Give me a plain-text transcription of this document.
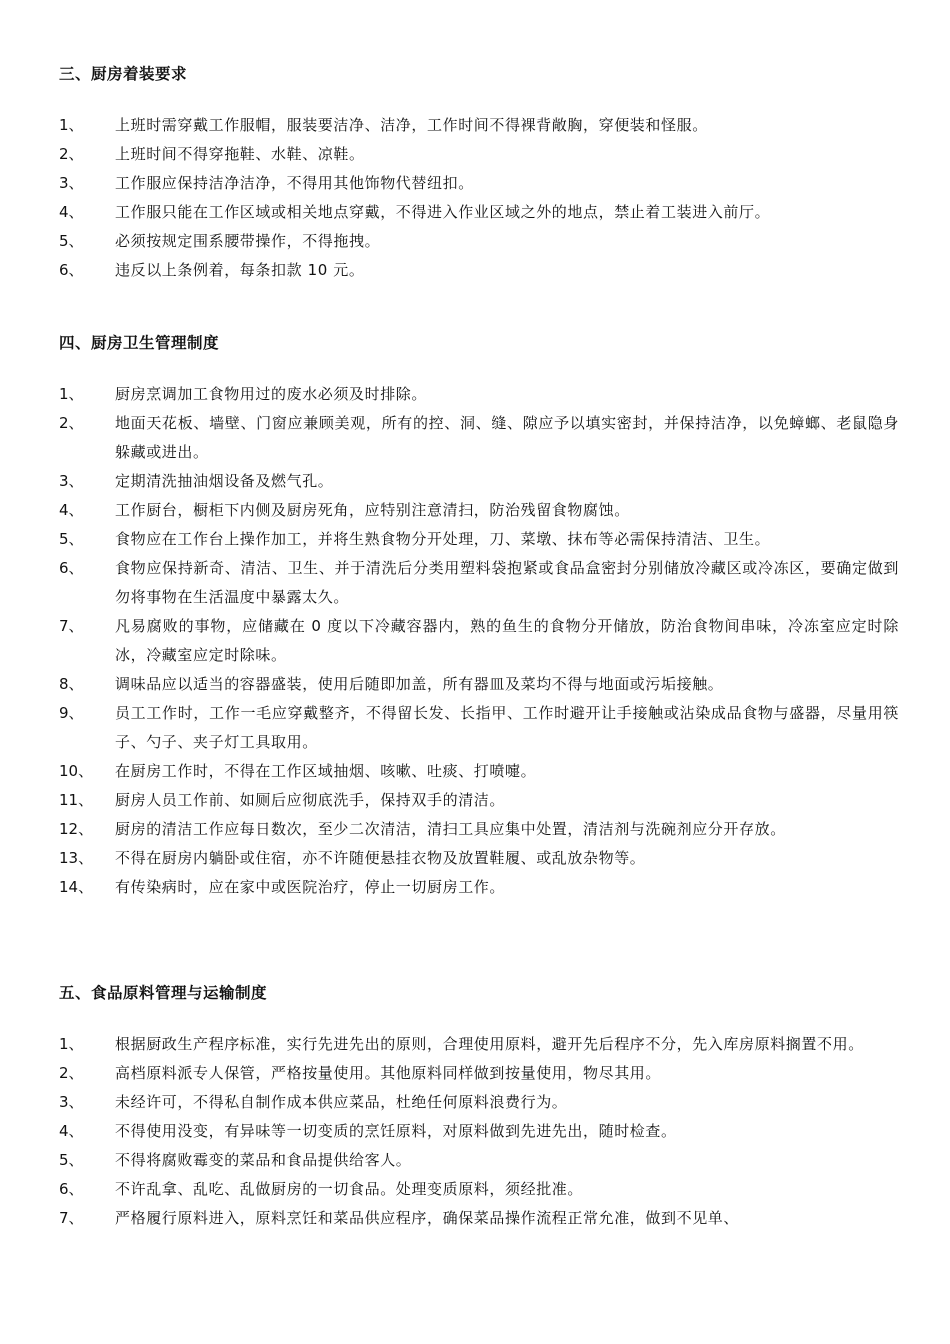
三、厨房着装要求
1、	上班时需穿戴工作服帽，服装要洁净、洁净，工作时间不得裸背敞胸，穿便装和怪服。
2、	上班时间不得穿拖鞋、水鞋、凉鞋。
3、	工作服应保持洁净洁净，不得用其他饰物代替纽扣。
4、	工作服只能在工作区域或相关地点穿戴，不得进入作业区域之外的地点，禁止着工装进入前厅。
5、	必须按规定围系腰带操作，不得拖拽。
6、	违反以上条例着，每条扣款 10 元。
四、厨房卫生管理制度
1、	厨房烹调加工食物用过的废水必须及时排除。
2、	地面天花板、墙壁、门窗应兼顾美观，所有的控、洞、缝、隙应予以填实密封，并保持洁净，以免蟑螂、老鼠隐身躲藏或进出。
3、	定期清洗抽油烟设备及燃气孔。
4、	工作厨台，橱柜下内侧及厨房死角，应特别注意清扫，防治残留食物腐蚀。
5、	食物应在工作台上操作加工，并将生熟食物分开处理，刀、菜墩、抹布等必需保持清洁、卫生。
6、	食物应保持新奇、清洁、卫生、并于清洗后分类用塑料袋抱紧或食品盒密封分别储放冷藏区或冷冻区，要确定做到勿将事物在生活温度中暴露太久。
7、	凡易腐败的事物，应储藏在 0 度以下冷藏容器内，熟的鱼生的食物分开储放，防治食物间串味，冷冻室应定时除冰，冷藏室应定时除味。
8、	调味品应以适当的容器盛装，使用后随即加盖，所有器皿及菜均不得与地面或污垢接触。
9、	员工工作时，工作一毛应穿戴整齐，不得留长发、长指甲、工作时避开让手接触或沾染成品食物与盛器，尽量用筷子、勺子、夹子灯工具取用。
10、	在厨房工作时，不得在工作区域抽烟、咳嗽、吐痰、打喷嚏。
11、	厨房人员工作前、如厕后应彻底洗手，保持双手的清洁。
12、	厨房的清洁工作应每日数次，至少二次清洁，清扫工具应集中处置，清洁剂与洗碗剂应分开存放。
13、	不得在厨房内躺卧或住宿，亦不许随便悬挂衣物及放置鞋履、或乱放杂物等。
14、	有传染病时，应在家中或医院治疗，停止一切厨房工作。
五、食品原料管理与运输制度
1、	根据厨政生产程序标准，实行先进先出的原则，合理使用原料，避开先后程序不分，先入库房原料搁置不用。
2、	高档原料派专人保管，严格按量使用。其他原料同样做到按量使用，物尽其用。
3、	未经许可，不得私自制作成本供应菜品，杜绝任何原料浪费行为。
4、	不得使用没变，有异味等一切变质的烹饪原料，对原料做到先进先出，随时检查。
5、	不得将腐败霉变的菜品和食品提供给客人。
6、	不许乱拿、乱吃、乱做厨房的一切食品。处理变质原料，须经批准。
7、	严格履行原料进入，原料烹饪和菜品供应程序，确保菜品操作流程正常允准，做到不见单、
